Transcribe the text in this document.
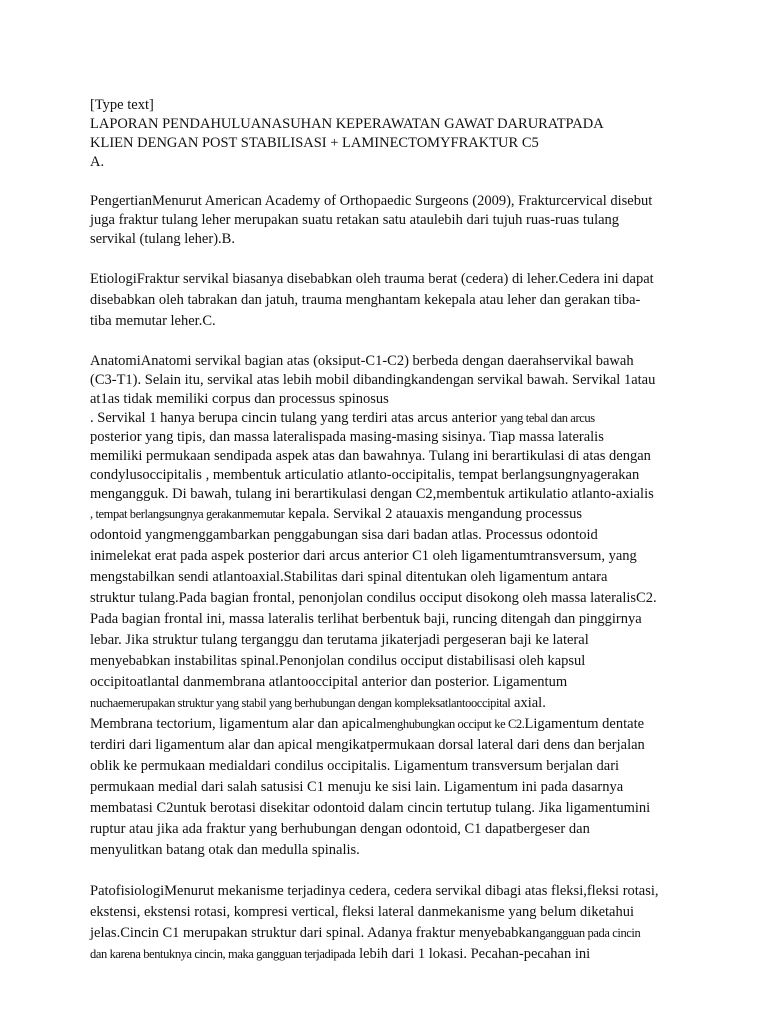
[Type text]
LAPORAN PENDAHULUANASUHAN KEPERAWATAN GAWAT DARURATPADA
KLIEN DENGAN POST STABILISASI + LAMINECTOMYFRAKTUR C5
A.
PengertianMenurut American Academy of Orthopaedic Surgeons (2009), Frakturcervical disebut
juga fraktur tulang leher merupakan suatu retakan satu ataulebih dari tujuh ruas-ruas tulang
servikal (tulang leher).B.
EtiologiFraktur servikal biasanya disebabkan oleh trauma berat (cedera) di leher.Cedera ini dapat
disebabkan oleh tabrakan dan jatuh, trauma menghantam kekepala atau leher dan gerakan tiba-
tiba memutar leher.C.
AnatomiAnatomi servikal bagian atas (oksiput-C1-C2) berbeda dengan daerahservikal bawah
(C3-T1). Selain itu, servikal atas lebih mobil dibandingkandengan servikal bawah. Servikal 1atau
at1as tidak memiliki corpus dan processus spinosus
. Servikal 1 hanya berupa cincin tulang yang terdiri atas arcus anterior yang tebal dan arcus
posterior yang tipis, dan massa lateralispada masing-masing sisinya. Tiap massa lateralis
memiliki permukaan sendipada aspek atas dan bawahnya. Tulang ini berartikulasi di atas dengan
condylusoccipitalis , membentuk articulatio atlanto-occipitalis, tempat berlangsungnyagerakan
mengangguk. Di bawah, tulang ini berartikulasi dengan C2,membentuk artikulatio atlanto-axialis
, tempat berlangsungnya gerakanmemutar kepala. Servikal 2 atauaxis mengandung processus
odontoid yangmenggambarkan penggabungan sisa dari badan atlas. Processus odontoid
inimelekat erat pada aspek posterior dari arcus anterior C1 oleh ligamentumtransversum, yang
mengstabilkan sendi atlantoaxial.Stabilitas dari spinal ditentukan oleh ligamentum antara
struktur tulang.Pada bagian frontal, penonjolan condilus occiput disokong oleh massa lateralisC2.
Pada bagian frontal ini, massa lateralis terlihat berbentuk baji, runcing ditengah dan pinggirnya
lebar. Jika struktur tulang terganggu dan terutama jikaterjadi pergeseran baji ke lateral
menyebabkan instabilitas spinal.Penonjolan condilus occiput distabilisasi oleh kapsul
occipitoatlantal danmembrana atlantooccipital anterior dan posterior. Ligamentum
nuchaemerupakan struktur yang stabil yang berhubungan dengan kompleksatlantooccipital axial.
Membrana tectorium, ligamentum alar dan apicalmenghubungkan occiput ke C2.Ligamentum dentate
terdiri dari ligamentum alar dan apical mengikatpermukaan dorsal lateral dari dens dan berjalan
oblik ke permukaan medialdari condilus occipitalis. Ligamentum transversum berjalan dari
permukaan medial dari salah satusisi C1 menuju ke sisi lain. Ligamentum ini pada dasarnya
membatasi C2untuk berotasi disekitar odontoid dalam cincin tertutup tulang. Jika ligamentumini
ruptur atau jika ada fraktur yang berhubungan dengan odontoid, C1 dapatbergeser dan
menyulitkan batang otak dan medulla spinalis.
PatofisiologiMenurut mekanisme terjadinya cedera, cedera servikal dibagi atas fleksi,fleksi rotasi,
ekstensi, ekstensi rotasi, kompresi vertical, fleksi lateral danmekanisme yang belum diketahui
jelas.Cincin C1 merupakan struktur dari spinal. Adanya fraktur menyebabkangangguan pada cincin
dan karena bentuknya cincin, maka gangguan terjadipada lebih dari 1 lokasi. Pecahan-pecahan ini
